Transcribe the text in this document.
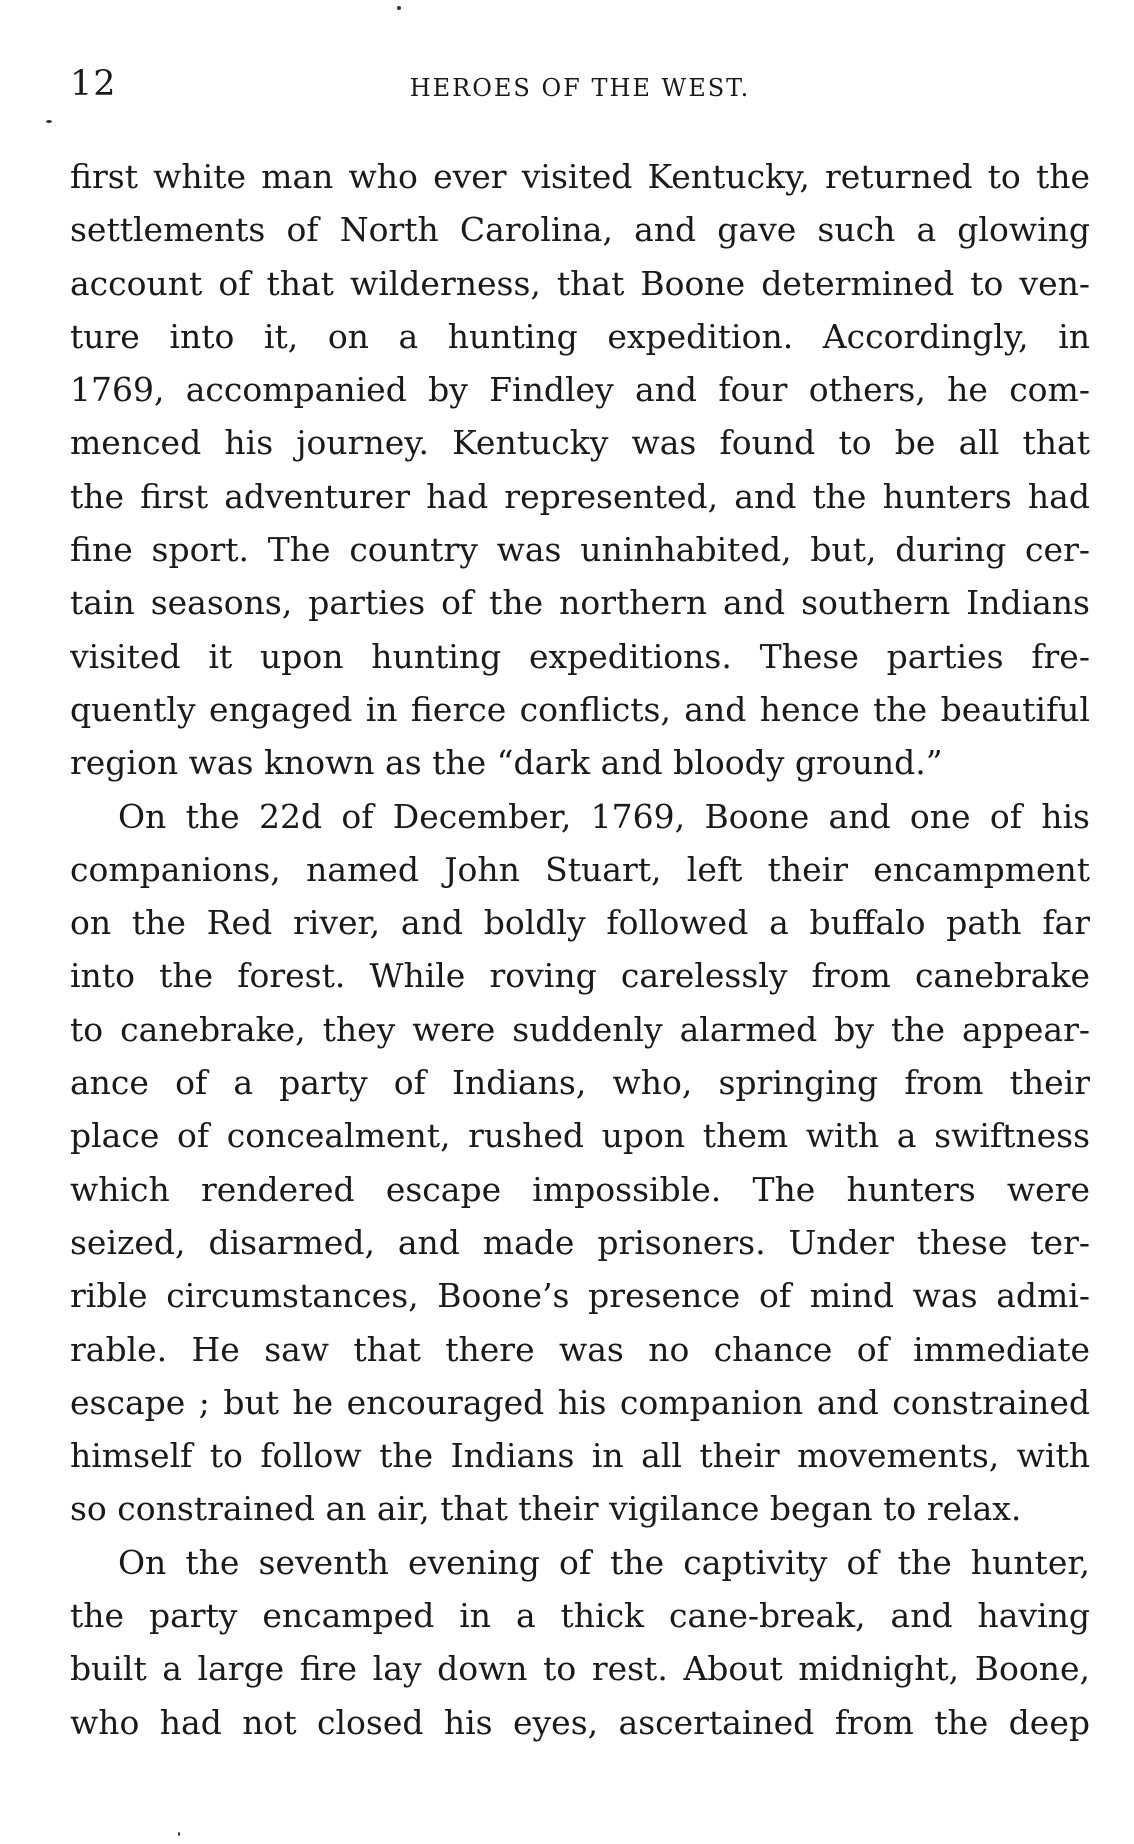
12	HEROES OF THE WEST.
first white man who ever visited Kentucky, returned to the
settlements of North Carolina, and gave such a glowing
account of that wilderness, that Boone determined to ven-
ture into it, on a hunting expedition. Accordingly, in
1769, accompanied by Findley and four others, he com-
menced his journey. Kentucky was found to be all that
the first adventurer had represented, and the hunters had
fine sport. The country was uninhabited, but, during cer-
tain seasons, parties of the northern and southern Indians
visited it upon hunting expeditions. These parties fre-
quently engaged in fierce conflicts, and hence the beautiful
region was known as the “dark and bloody ground.”
On the 22d of December, 1769, Boone and one of his
companions, named John Stuart, left their encampment
on the Red river, and boldly followed a buffalo path far
into the forest. While roving carelessly from canebrake
to canebrake, they were suddenly alarmed by the appear-
ance of a party of Indians, who, springing from their
place of concealment, rushed upon them with a swiftness
which rendered escape impossible. The hunters were
seized, disarmed, and made prisoners. Under these ter-
rible circumstances, Boone’s presence of mind was admi-
rable. He saw that there was no chance of immediate
escape ; but he encouraged his companion and constrained
himself to follow the Indians in all their movements, with
so constrained an air, that their vigilance began to relax.
On the seventh evening of the captivity of the hunter,
the party encamped in a thick cane-break, and having
built a large fire lay down to rest. About midnight, Boone,
who had not closed his eyes, ascertained from the deep
